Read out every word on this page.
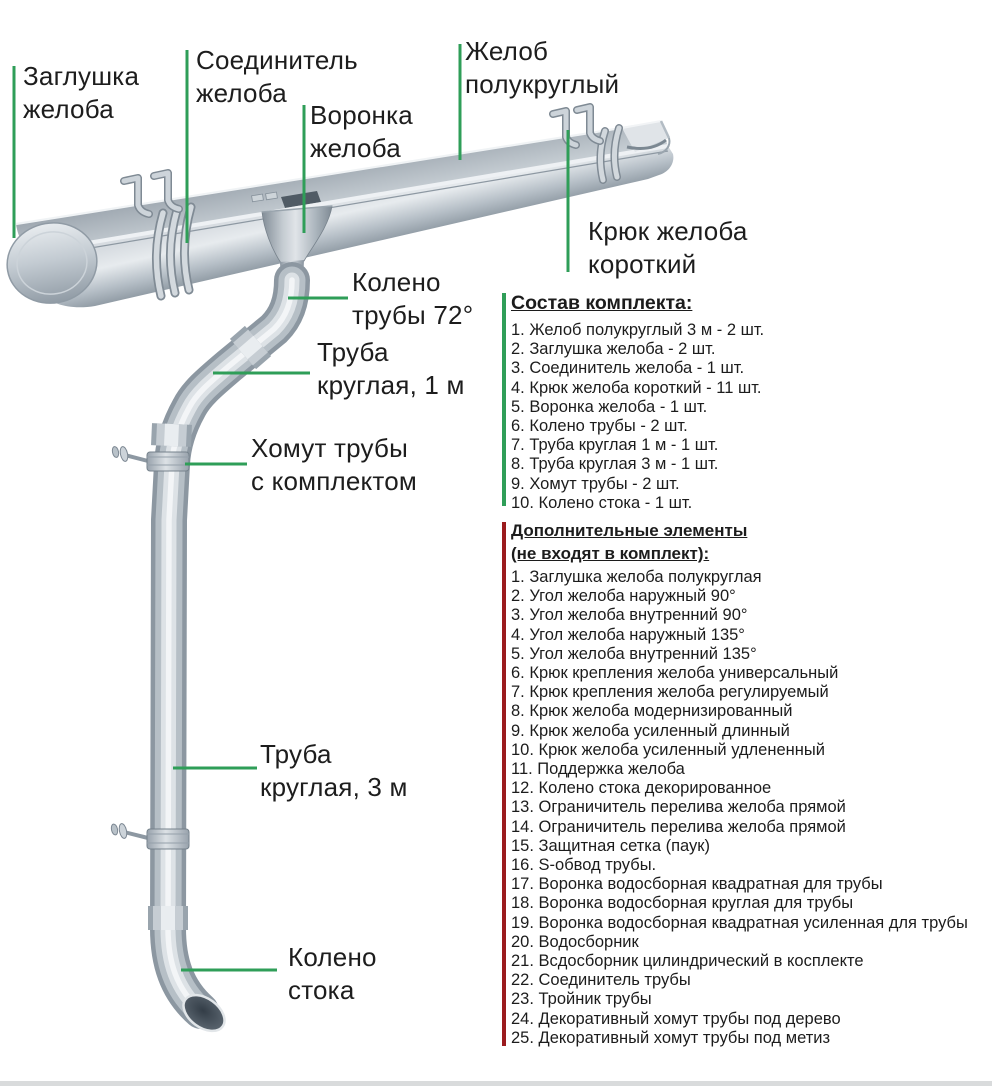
Заглушка
желоба
Соединитель
желоба
Воронка
желоба
Желоб
полукруглый
Крюк желоба
короткий
Колено
трубы 72°
Труба
круглая, 1 м
Хомут трубы
с комплектом
Труба
круглая, 3 м
Колено
стока
Состав комплекта:
1. Желоб полукруглый 3 м - 2 шт.
2. Заглушка желоба - 2 шт.
3. Соединитель желоба - 1 шт.
4. Крюк желоба короткий - 11 шт.
5. Воронка желоба - 1 шт.
6. Колено трубы - 2 шт.
7. Труба круглая 1 м - 1 шт.
8. Труба круглая 3 м - 1 шт.
9. Хомут трубы - 2 шт.
10. Колено стока - 1 шт.
Дополнительные элементы
(не входят в комплект):
1. Заглушка желоба полукруглая
2. Угол желоба наружный 90°
3. Угол желоба внутренний 90°
4. Угол желоба наружный 135°
5. Угол желоба внутренний 135°
6. Крюк крепления желоба универсальный
7. Крюк крепления желоба регулируемый
8. Крюк желоба модернизированный
9. Крюк желоба усиленный длинный
10. Крюк желоба усиленный удлененный
11. Поддержка желоба
12. Колено стока декорированное
13. Ограничитель перелива желоба прямой
14. Ограничитель перелива желоба прямой
15. Защитная сетка (паук)
16. S-обвод трубы.
17. Воронка водосборная квадратная для трубы
18. Воронка водосборная круглая для трубы
19. Воронка водосборная квадратная усиленная для трубы
20. Водосборник
21. Всдосборник цилиндрический в косплекте
22. Соединитель трубы
23. Тройник трубы
24. Декоративный хомут трубы под дерево
25. Декоративный хомут трубы под метиз
